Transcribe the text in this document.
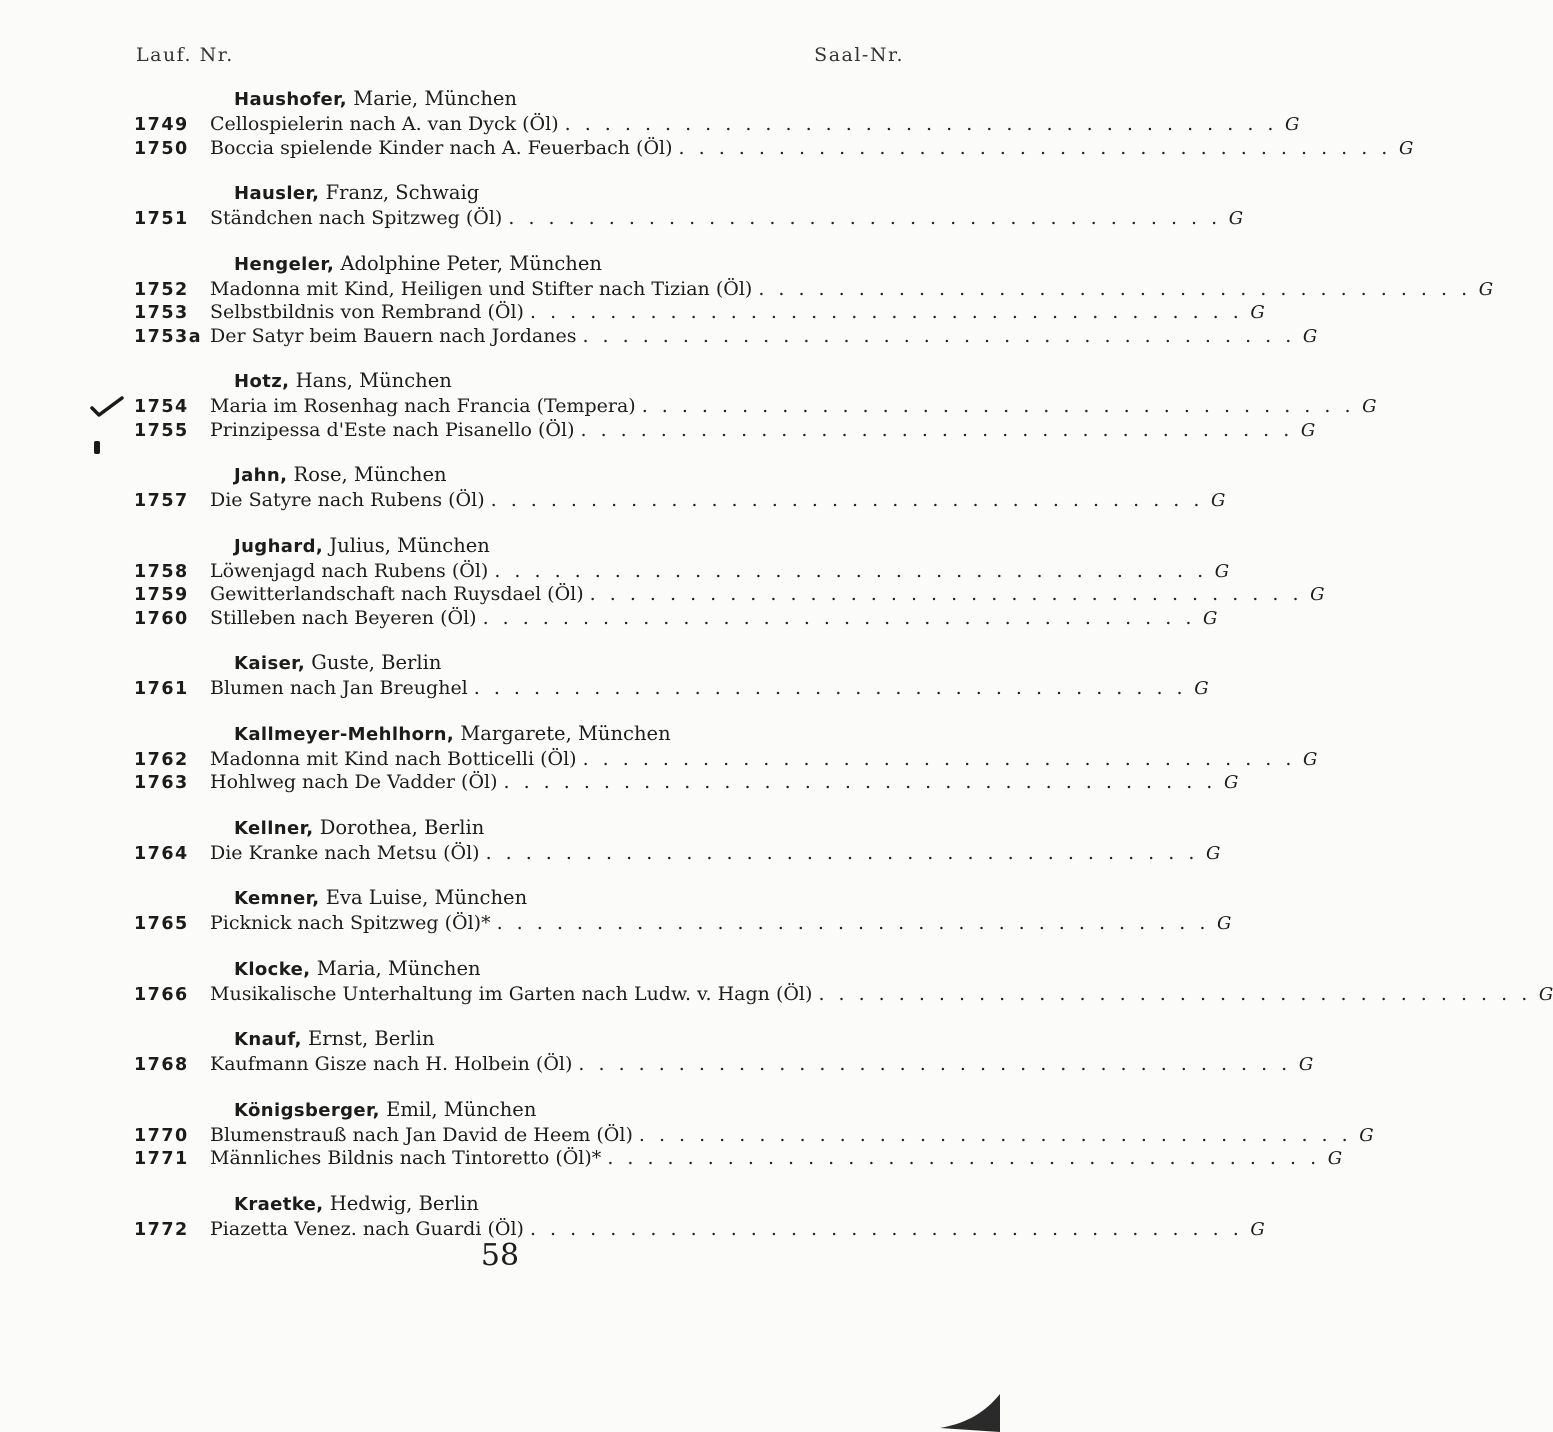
Lauf. Nr.	Saal-Nr.
Haushofer, Marie, München
1749	Cellospielerin nach A. van Dyck (Öl) . . . . . . . . . . . . . . . . . . . . . . . . . . . . . . . . . . . . G
1750	Boccia spielende Kinder nach A. Feuerbach (Öl) . . . . . . . . . . . . . . . . . . . . . . . . . . . . . . . . . . . . G
Hausler, Franz, Schwaig
1751	Ständchen nach Spitzweg (Öl) . . . . . . . . . . . . . . . . . . . . . . . . . . . . . . . . . . . . G
Hengeler, Adolphine Peter, München
1752	Madonna mit Kind, Heiligen und Stifter nach Tizian (Öl) . . . . . . . . . . . . . . . . . . . . . . . . . . . . . . . . . . . . G
1753	Selbstbildnis von Rembrand (Öl) . . . . . . . . . . . . . . . . . . . . . . . . . . . . . . . . . . . . G
1753a Der Satyr beim Bauern nach Jordanes . . . . . . . . . . . . . . . . . . . . . . . . . . . . . . . . . . . . G
Hotz, Hans, München
1754	Maria im Rosenhag nach Francia (Tempera) . . . . . . . . . . . . . . . . . . . . . . . . . . . . . . . . . . . . G
1755	Prinzipessa d'Este nach Pisanello (Öl) . . . . . . . . . . . . . . . . . . . . . . . . . . . . . . . . . . . . G
Jahn, Rose, München
1757	Die Satyre nach Rubens (Öl) . . . . . . . . . . . . . . . . . . . . . . . . . . . . . . . . . . . . G
Jughard, Julius, München
1758	Löwenjagd nach Rubens (Öl) . . . . . . . . . . . . . . . . . . . . . . . . . . . . . . . . . . . . G
1759	Gewitterlandschaft nach Ruysdael (Öl) . . . . . . . . . . . . . . . . . . . . . . . . . . . . . . . . . . . . G
1760	Stilleben nach Beyeren (Öl) . . . . . . . . . . . . . . . . . . . . . . . . . . . . . . . . . . . . G
Kaiser, Guste, Berlin
1761	Blumen nach Jan Breughel . . . . . . . . . . . . . . . . . . . . . . . . . . . . . . . . . . . . G
Kallmeyer-Mehlhorn, Margarete, München
1762	Madonna mit Kind nach Botticelli (Öl) . . . . . . . . . . . . . . . . . . . . . . . . . . . . . . . . . . . . G
1763	Hohlweg nach De Vadder (Öl) . . . . . . . . . . . . . . . . . . . . . . . . . . . . . . . . . . . . G
Kellner, Dorothea, Berlin
1764	Die Kranke nach Metsu (Öl) . . . . . . . . . . . . . . . . . . . . . . . . . . . . . . . . . . . . G
Kemner, Eva Luise, München
1765	Picknick nach Spitzweg (Öl)* . . . . . . . . . . . . . . . . . . . . . . . . . . . . . . . . . . . . G
Klocke, Maria, München
1766	Musikalische Unterhaltung im Garten nach Ludw. v. Hagn (Öl) . . . . . . . . . . . . . . . . . . . . . . . . . . . . . . . . . . . . G
Knauf, Ernst, Berlin
1768	Kaufmann Gisze nach H. Holbein (Öl) . . . . . . . . . . . . . . . . . . . . . . . . . . . . . . . . . . . . G
Königsberger, Emil, München
1770	Blumenstrauß nach Jan David de Heem (Öl) . . . . . . . . . . . . . . . . . . . . . . . . . . . . . . . . . . . . G
1771	Männliches Bildnis nach Tintoretto (Öl)* . . . . . . . . . . . . . . . . . . . . . . . . . . . . . . . . . . . . G
Kraetke, Hedwig, Berlin
1772	Piazetta Venez. nach Guardi (Öl) . . . . . . . . . . . . . . . . . . . . . . . . . . . . . . . . . . . . G
58
